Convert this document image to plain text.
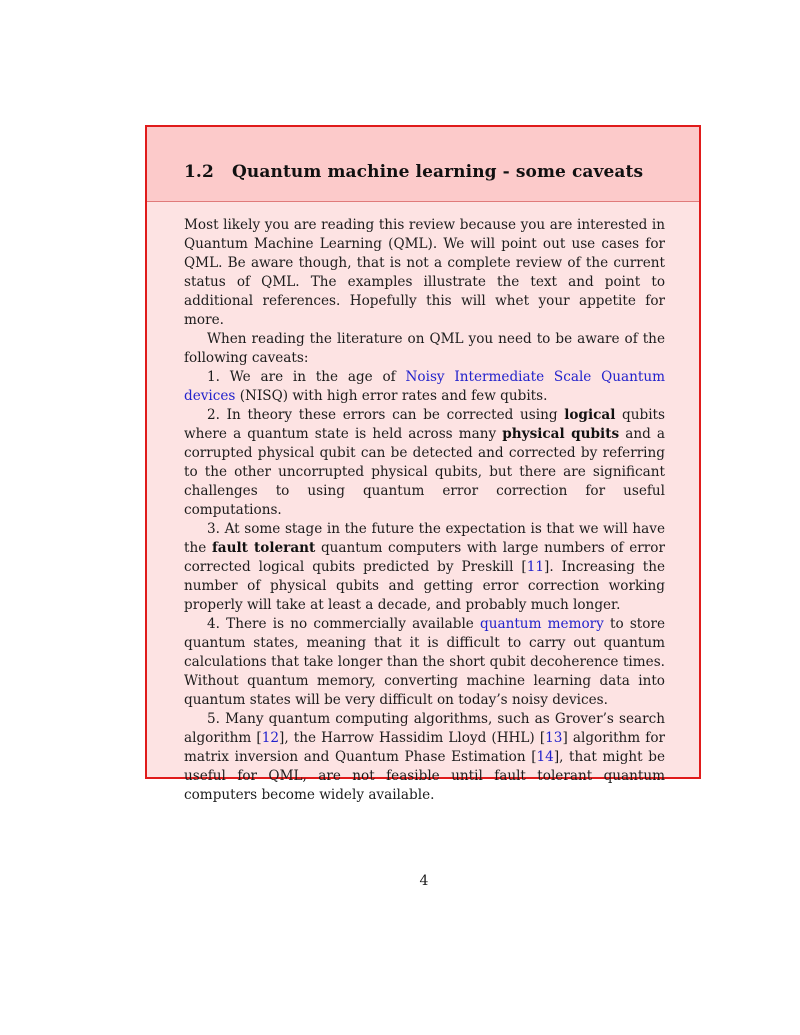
1.2 Quantum machine learning - some caveats

Most likely you are reading this review because you are interested in Quantum Machine Learning (QML). We will point out use cases for QML. Be aware though, that is not a complete review of the current status of QML. The examples illustrate the text and point to additional references. Hopefully this will whet your appetite for more.

When reading the literature on QML you need to be aware of the following caveats:

1. We are in the age of Noisy Intermediate Scale Quantum devices (NISQ) with high error rates and few qubits.

2. In theory these errors can be corrected using logical qubits where a quantum state is held across many physical qubits and a corrupted physical qubit can be detected and corrected by referring to the other uncorrupted physical qubits, but there are significant challenges to using quantum error correction for useful computations.

3. At some stage in the future the expectation is that we will have the fault tolerant quantum computers with large numbers of error corrected logical qubits predicted by Preskill [11]. Increasing the number of physical qubits and getting error correction working properly will take at least a decade, and probably much longer.

4. There is no commercially available quantum memory to store quantum states, meaning that it is difficult to carry out quantum calculations that take longer than the short qubit decoherence times. Without quantum memory, converting machine learning data into quantum states will be very difficult on today’s noisy devices.

5. Many quantum computing algorithms, such as Grover’s search algorithm [12], the Harrow Hassidim Lloyd (HHL) [13] algorithm for matrix inversion and Quantum Phase Estimation [14], that might be useful for QML, are not feasible until fault tolerant quantum computers become widely available.

4
